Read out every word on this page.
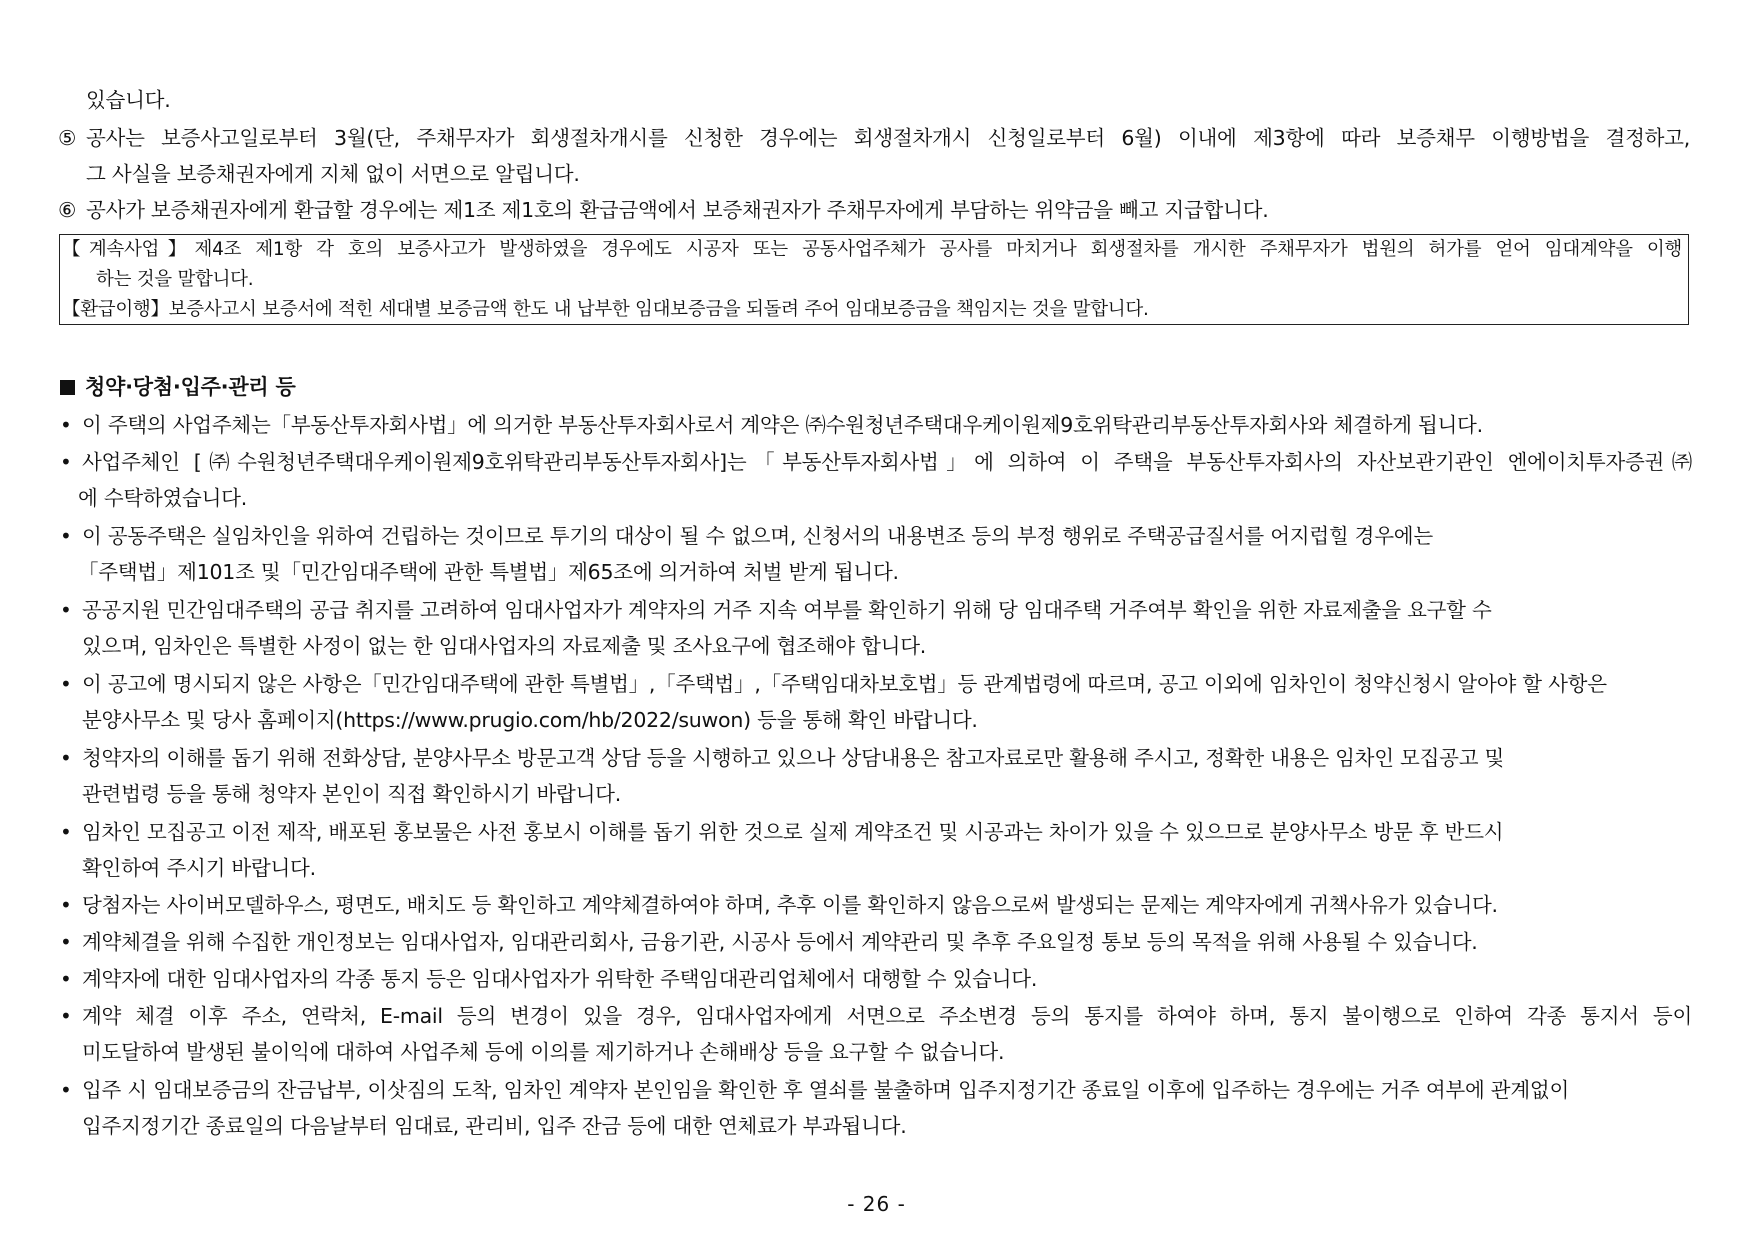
있습니다.

⑤ 공사는 보증사고일로부터 3월(단, 주채무자가 회생절차개시를 신청한 경우에는 회생절차개시 신청일로부터 6월) 이내에 제3항에 따라 보증채무 이행방법을 결정하고,

그 사실을 보증채권자에게 지체 없이 서면으로 알립니다.

⑥ 공사가 보증채권자에게 환급할 경우에는 제1조 제1호의 환급금액에서 보증채권자가 주채무자에게 부담하는 위약금을 빼고 지급합니다.

【계속사업】제4조 제1항 각 호의 보증사고가 발생하였을 경우에도 시공자 또는 공동사업주체가 공사를 마치거나 회생절차를 개시한 주채무자가 법원의 허가를 얻어 임대계약을 이행

하는 것을 말합니다.

【환급이행】보증사고시 보증서에 적힌 세대별 보증금액 한도 내 납부한 임대보증금을 되돌려 주어 임대보증금을 책임지는 것을 말합니다.

청약·당첨·입주·관리 등

• 이 주택의 사업주체는「부동산투자회사법」에 의거한 부동산투자회사로서 계약은 ㈜수원청년주택대우케이원제9호위탁관리부동산투자회사와 체결하게 됩니다.

• 사업주체인 [㈜수원청년주택대우케이원제9호위탁관리부동산투자회사]는「부동산투자회사법」에 의하여 이 주택을 부동산투자회사의 자산보관기관인 엔에이치투자증권㈜

에 수탁하였습니다.

• 이 공동주택은 실임차인을 위하여 건립하는 것이므로 투기의 대상이 될 수 없으며, 신청서의 내용변조 등의 부정 행위로 주택공급질서를 어지럽힐 경우에는

「주택법」제101조 및「민간임대주택에 관한 특별법」제65조에 의거하여 처벌 받게 됩니다.

• 공공지원 민간임대주택의 공급 취지를 고려하여 임대사업자가 계약자의 거주 지속 여부를 확인하기 위해 당 임대주택 거주여부 확인을 위한 자료제출을 요구할 수

있으며, 임차인은 특별한 사정이 없는 한 임대사업자의 자료제출 및 조사요구에 협조해야 합니다.

• 이 공고에 명시되지 않은 사항은「민간임대주택에 관한 특별법」,「주택법」,「주택임대차보호법」등 관계법령에 따르며, 공고 이외에 임차인이 청약신청시 알아야 할 사항은

분양사무소 및 당사 홈페이지(https://www.prugio.com/hb/2022/suwon) 등을 통해 확인 바랍니다.

• 청약자의 이해를 돕기 위해 전화상담, 분양사무소 방문고객 상담 등을 시행하고 있으나 상담내용은 참고자료로만 활용해 주시고, 정확한 내용은 임차인 모집공고 및

관련법령 등을 통해 청약자 본인이 직접 확인하시기 바랍니다.

• 임차인 모집공고 이전 제작, 배포된 홍보물은 사전 홍보시 이해를 돕기 위한 것으로 실제 계약조건 및 시공과는 차이가 있을 수 있으므로 분양사무소 방문 후 반드시

확인하여 주시기 바랍니다.

• 당첨자는 사이버모델하우스, 평면도, 배치도 등 확인하고 계약체결하여야 하며, 추후 이를 확인하지 않음으로써 발생되는 문제는 계약자에게 귀책사유가 있습니다.

• 계약체결을 위해 수집한 개인정보는 임대사업자, 임대관리회사, 금융기관, 시공사 등에서 계약관리 및 추후 주요일정 통보 등의 목적을 위해 사용될 수 있습니다.

• 계약자에 대한 임대사업자의 각종 통지 등은 임대사업자가 위탁한 주택임대관리업체에서 대행할 수 있습니다.

• 계약 체결 이후 주소, 연락처, E-mail 등의 변경이 있을 경우, 임대사업자에게 서면으로 주소변경 등의 통지를 하여야 하며, 통지 불이행으로 인하여 각종 통지서 등이

미도달하여 발생된 불이익에 대하여 사업주체 등에 이의를 제기하거나 손해배상 등을 요구할 수 없습니다.

• 입주 시 임대보증금의 잔금납부, 이삿짐의 도착, 임차인 계약자 본인임을 확인한 후 열쇠를 불출하며 입주지정기간 종료일 이후에 입주하는 경우에는 거주 여부에 관계없이

입주지정기간 종료일의 다음날부터 임대료, 관리비, 입주 잔금 등에 대한 연체료가 부과됩니다.

- 26 -
